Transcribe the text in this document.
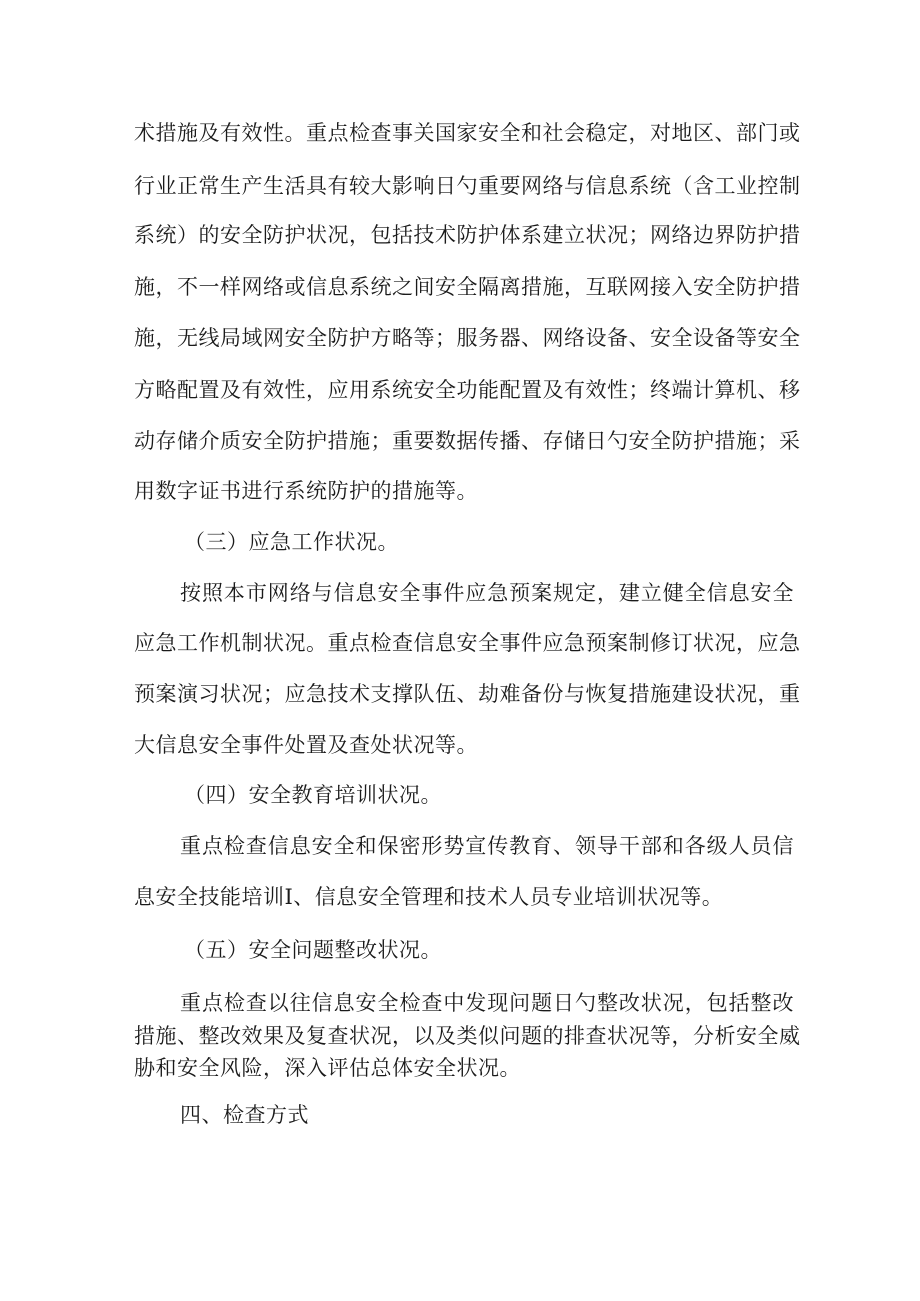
术措施及有效性。重点检查事关国家安全和社会稳定，对地区、部门或
行业正常生产生活具有较大影响日勺重要网络与信息系统（含工业控制
系统）的安全防护状况，包括技术防护体系建立状况；网络边界防护措
施，不一样网络或信息系统之间安全隔离措施，互联网接入安全防护措
施，无线局域网安全防护方略等；服务器、网络设备、安全设备等安全
方略配置及有效性，应用系统安全功能配置及有效性；终端计算机、移
动存储介质安全防护措施；重要数据传播、存储日勺安全防护措施；采
用数字证书进行系统防护的措施等。
（三）应急工作状况。
按照本市网络与信息安全事件应急预案规定，建立健全信息安全
应急工作机制状况。重点检查信息安全事件应急预案制修订状况，应急
预案演习状况；应急技术支撑队伍、劫难备份与恢复措施建设状况，重
大信息安全事件处置及查处状况等。
（四）安全教育培训状况。
重点检查信息安全和保密形势宣传教育、领导干部和各级人员信
息安全技能培训Ⅰ、信息安全管理和技术人员专业培训状况等。
（五）安全问题整改状况。
重点检查以往信息安全检查中发现问题日勺整改状况，包括整改
措施、整改效果及复查状况，以及类似问题的排查状况等，分析安全威
胁和安全风险，深入评估总体安全状况。
四、检查方式
